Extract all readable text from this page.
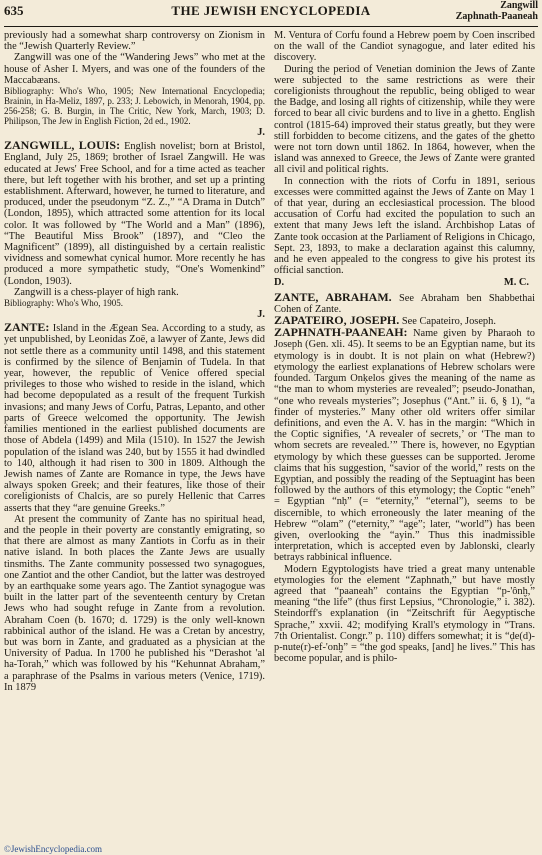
635	THE JEWISH ENCYCLOPEDIA	Zangwill
Zaphnath-Paaneah

previously had a somewhat sharp controversy on Zionism in the “Jewish Quarterly Review.”

Zangwill was one of the “Wandering Jews” who met at the house of Asher I. Myers, and was one of the founders of the Maccabæans.

Bibliography: Who's Who, 1905; New International Encyclopedia; Brainin, in Ha-Meliz, 1897, p. 233; J. Lebowich, in Menorah, 1904, pp. 256-258; G. B. Burgin, in The Critic, New York, March, 1903; D. Philipson, The Jew in English Fiction, 2d ed., 1902.

J.

ZANGWILL, LOUIS: English novelist; born at Bristol, England, July 25, 1869; brother of Israel Zangwill. He was educated at Jews' Free School, and for a time acted as teacher there, but left together with his brother, and set up a printing establishment. Afterward, however, he turned to literature, and produced, under the pseudonym “Z. Z.,” “A Drama in Dutch” (London, 1895), which attracted some attention for its local color. It was followed by “The World and a Man” (1896), “The Beautiful Miss Brook” (1897), and “Cleo the Magnificent” (1899), all distinguished by a certain realistic vividness and somewhat cynical humor. More recently he has produced a more sympathetic study, “One's Womenkind” (London, 1903).

Zangwill is a chess-player of high rank.

Bibliography: Who's Who, 1905.

J.

ZANTE: Island in the Ægean Sea. According to a study, as yet unpublished, by Leonidas Zoë, a lawyer of Zante, Jews did not settle there as a community until 1498, and this statement is confirmed by the silence of Benjamin of Tudela. In that year, however, the republic of Venice offered special privileges to those who wished to reside in the island, which had become depopulated as a result of the frequent Turkish invasions; and many Jews of Corfu, Patras, Lepanto, and other parts of Greece welcomed the opportunity. The Jewish families mentioned in the earliest published documents are those of Abdela (1499) and Mila (1510). In 1527 the Jewish population of the island was 240, but by 1555 it had dwindled to 140, although it had risen to 300 in 1809. Although the Jewish names of Zante are Romance in type, the Jews have always spoken Greek; and their features, like those of their coreligionists of Chalcis, are so purely Hellenic that Carres asserts that they “are genuine Greeks.”

At present the community of Zante has no spiritual head, and the people in their poverty are constantly emigrating, so that there are almost as many Zantiots in Corfu as in their native island. In both places the Zante Jews are usually tinsmiths. The Zante community possessed two synagogues, one Zantiot and the other Candiot, but the latter was destroyed by an earthquake some years ago. The Zantiot synagogue was built in the latter part of the seventeenth century by Cretan Jews who had sought refuge in Zante from a revolution. Abraham Coen (b. 1670; d. 1729) is the only well-known rabbinical author of the island. He was a Cretan by ancestry, but was born in Zante, and graduated as a physician at the University of Padua. In 1700 he published his “Derashot 'al ha-Torah,” which was followed by his “Kehunnat Abraham,” a paraphrase of the Psalms in various meters (Venice, 1719). In 1879

M. Ventura of Corfu found a Hebrew poem by Coen inscribed on the wall of the Candiot synagogue, and later edited his discovery.

During the period of Venetian dominion the Jews of Zante were subjected to the same restrictions as were their coreligionists throughout the republic, being obliged to wear the Badge, and losing all rights of citizenship, while they were forced to bear all civic burdens and to live in a ghetto. English control (1815-64) improved their status greatly, but they were still forbidden to become citizens, and the gates of the ghetto were not torn down until 1862. In 1864, however, when the island was annexed to Greece, the Jews of Zante were granted all civil and political rights.

In connection with the riots of Corfu in 1891, serious excesses were committed against the Jews of Zante on May 1 of that year, during an ecclesiastical procession. The blood accusation of Corfu had excited the population to such an extent that many Jews left the island. Archbishop Latas of Zante took occasion at the Parliament of Religions in Chicago, Sept. 23, 1893, to make a declaration against this calumny, and he even appealed to the congress to give his protest its official sanction.

D.	M. C.

ZANTE, ABRAHAM. See Abraham ben Shabbethai Cohen of Zante.

ZAPATEIRO, JOSEPH. See Capateiro, Joseph.

ZAPHNATH-PAANEAH: Name given by Pharaoh to Joseph (Gen. xli. 45). It seems to be an Egyptian name, but its etymology is in doubt. It is not plain on what (Hebrew?) etymology the earliest explanations of Hebrew scholars were founded. Targum Onḳelos gives the meaning of the name as “the man to whom mysteries are revealed”; pseudo-Jonathan, “one who reveals mysteries”; Josephus (“Ant.” ii. 6, § 1), “a finder of mysteries.” Many other old writers offer similar definitions, and even the A. V. has in the margin: “Which in the Coptic signifies, ‘A revealer of secrets,’ or ‘The man to whom secrets are revealed.’” There is, however, no Egyptian etymology by which these guesses can be supported. Jerome claims that his suggestion, “savior of the world,” rests on the Egyptian, and possibly the reading of the Septuagint has been followed by the authors of this etymology; the Coptic “eneh” = Egyptian “nḥ” (= “eternity,” “eternal”), seems to be discernible, to which erroneously the later meaning of the Hebrew “'olam” (“eternity,” “age”; later, “world”) has been given, overlooking the “ayin.” Thus this inadmissible interpretation, which is accepted even by Jablonski, clearly betrays rabbinical influence.

Modern Egyptologists have tried a great many untenable etymologies for the element “Zaphnath,” but have mostly agreed that “paaneah” contains the Egyptian “p-'ônḫ,” meaning “the life” (thus first Lepsius, “Chronologie,” i. 382). Steindorff's explanation (in “Zeitschrift für Aegyptische Sprache,” xxvii. 42; modifying Krall's etymology in “Trans. 7th Orientalist. Congr.” p. 110) differs somewhat; it is “ḍe(d)-p-nute(r)-ef-'onḫ” = “the god speaks, [and] he lives.” This has become popular, and is philo-

©JewishEncyclopedia.com
